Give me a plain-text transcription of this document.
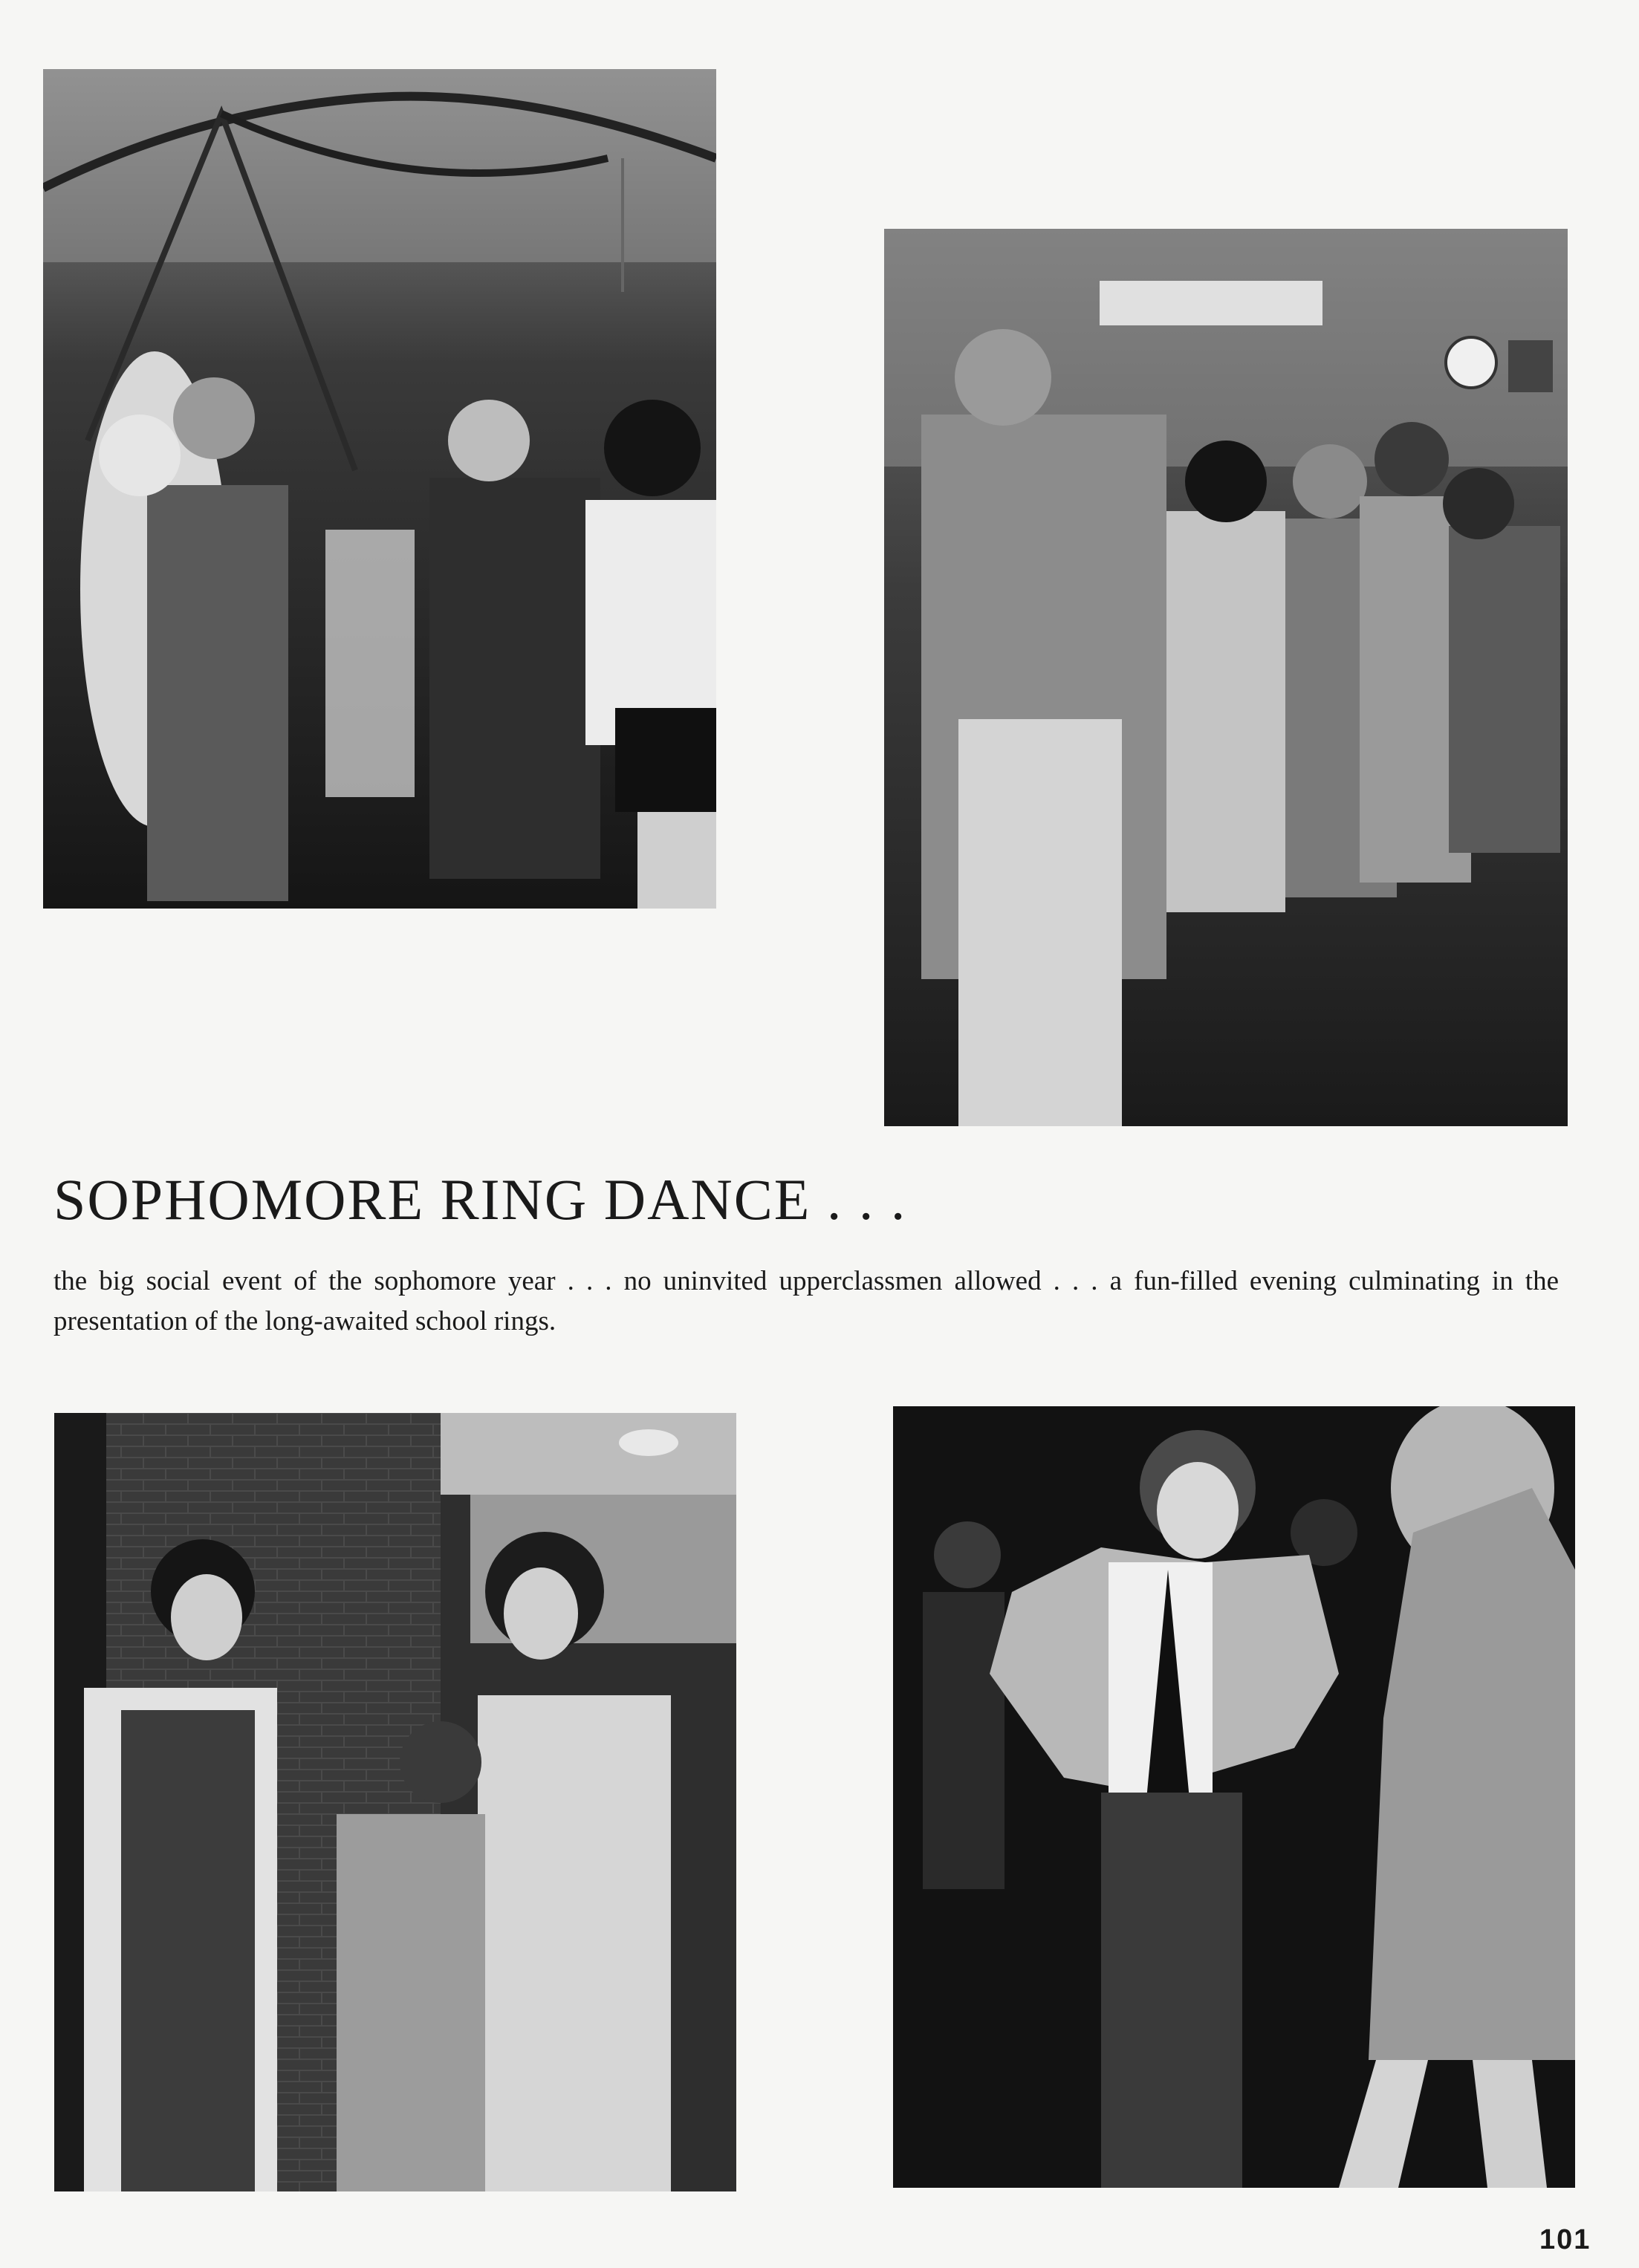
SOPHOMORE RING DANCE . . .

the big social event of the sophomore year . . . no uninvited upperclassmen allowed . . . a fun-filled evening culminating in the presentation of the long-awaited school rings.

101
